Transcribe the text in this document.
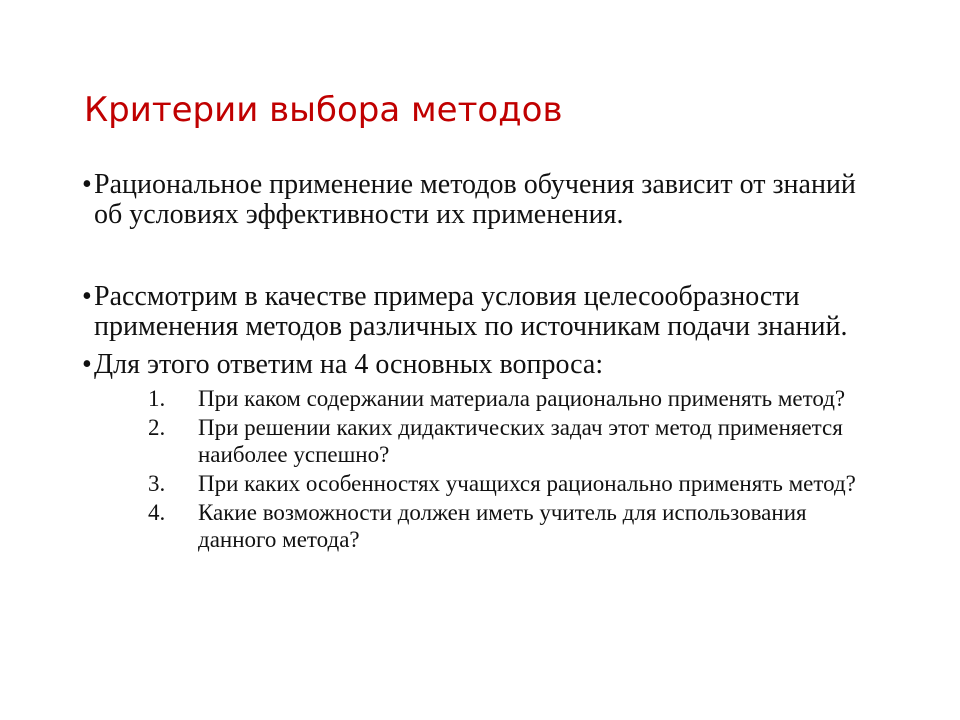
Критерии выбора методов

• Рациональное применение методов обучения зависит от знаний об условиях эффективности их применения.

• Рассмотрим в качестве примера условия целесообразности применения методов различных по источникам подачи знаний.

• Для этого ответим на 4 основных вопроса:

1. При каком содержании материала рационально применять метод?
2. При решении каких дидактических задач этот метод применяется наиболее успешно?
3. При каких особенностях учащихся рационально применять метод?
4. Какие возможности должен иметь учитель для использования данного метода?
